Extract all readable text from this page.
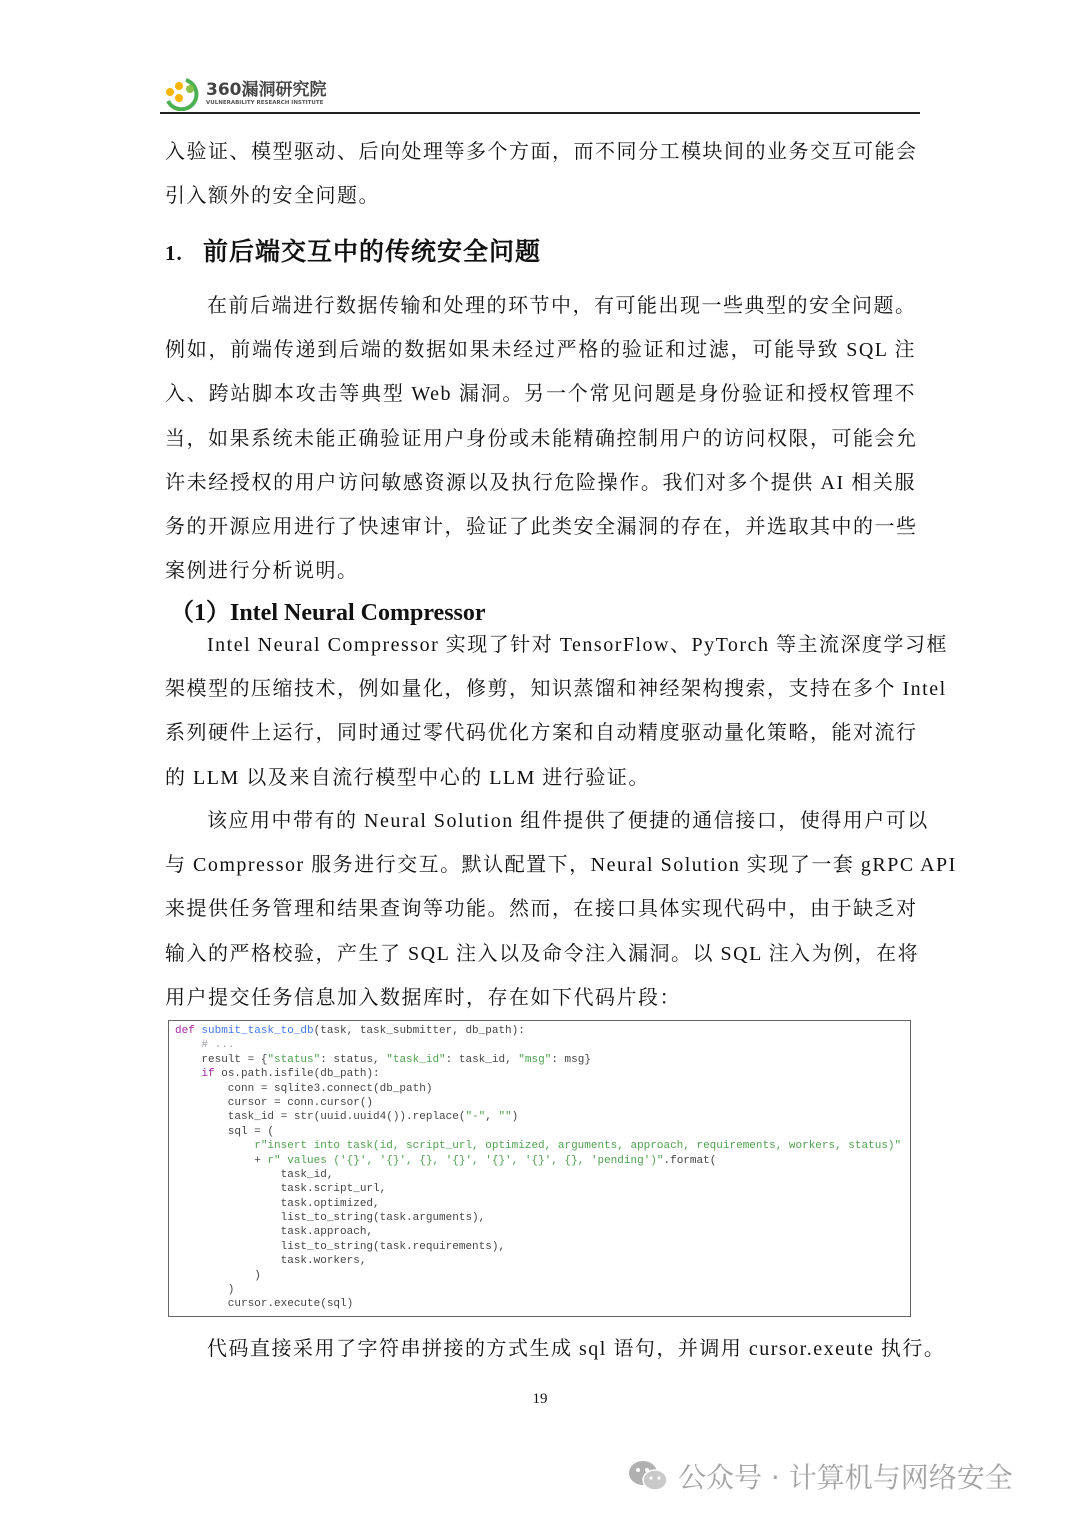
360漏洞研究院
VULNERABILITY RESEARCH INSTITUTE
入验证、模型驱动、后向处理等多个方面，而不同分工模块间的业务交互可能会
引入额外的安全问题。
1. 前后端交互中的传统安全问题
在前后端进行数据传输和处理的环节中，有可能出现一些典型的安全问题。
例如，前端传递到后端的数据如果未经过严格的验证和过滤，可能导致 SQL 注
入、跨站脚本攻击等典型 Web 漏洞。另一个常见问题是身份验证和授权管理不
当，如果系统未能正确验证用户身份或未能精确控制用户的访问权限，可能会允
许未经授权的用户访问敏感资源以及执行危险操作。我们对多个提供 AI 相关服
务的开源应用进行了快速审计，验证了此类安全漏洞的存在，并选取其中的一些
案例进行分析说明。
（1）Intel Neural Compressor
Intel Neural Compressor 实现了针对 TensorFlow、PyTorch 等主流深度学习框
架模型的压缩技术，例如量化，修剪，知识蒸馏和神经架构搜索，支持在多个 Intel
系列硬件上运行，同时通过零代码优化方案和自动精度驱动量化策略，能对流行
的 LLM 以及来自流行模型中心的 LLM 进行验证。
该应用中带有的 Neural Solution 组件提供了便捷的通信接口，使得用户可以
与 Compressor 服务进行交互。默认配置下，Neural Solution 实现了一套 gRPC API
来提供任务管理和结果查询等功能。然而，在接口具体实现代码中，由于缺乏对
输入的严格校验，产生了 SQL 注入以及命令注入漏洞。以 SQL 注入为例，在将
用户提交任务信息加入数据库时，存在如下代码片段：
def submit_task_to_db(task, task_submitter, db_path):
# ...
result = {"status": status, "task_id": task_id, "msg": msg}
if os.path.isfile(db_path):
conn = sqlite3.connect(db_path)
cursor = conn.cursor()
task_id = str(uuid.uuid4()).replace("-", "")
sql = (
r"insert into task(id, script_url, optimized, arguments, approach, requirements, workers, status)"
+ r" values ('{}', '{}', {}, '{}', '{}', '{}', {}, 'pending')".format(
task_id,
task.script_url,
task.optimized,
list_to_string(task.arguments),
task.approach,
list_to_string(task.requirements),
task.workers,
)
)
cursor.execute(sql)
代码直接采用了字符串拼接的方式生成 sql 语句，并调用 cursor.exeute 执行。
19
公众号 · 计算机与网络安全
